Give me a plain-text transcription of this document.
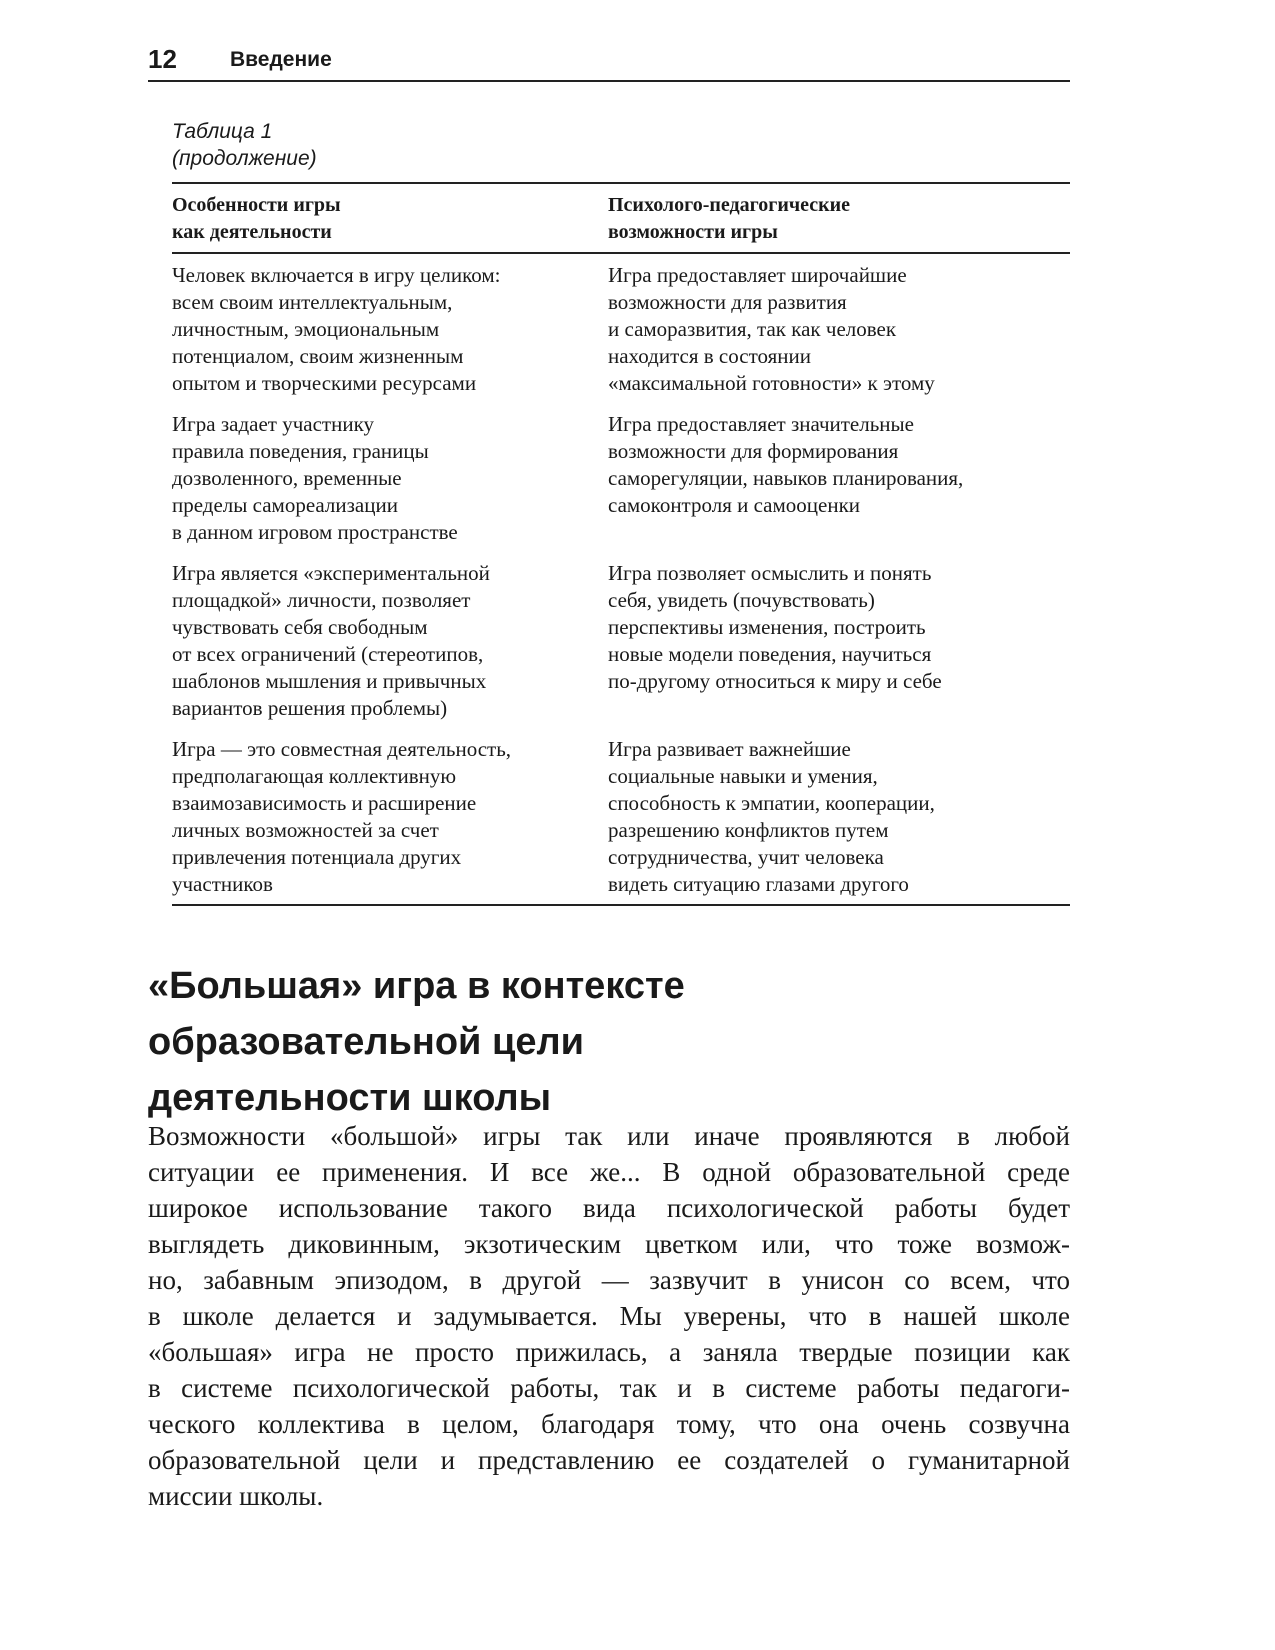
12	Введение
Таблица 1
(продолжение)
Особенности игры
как деятельности
Психолого-педагогические
возможности игры
Человек включается в игру целиком:
всем своим интеллектуальным,
личностным, эмоциональным
потенциалом, своим жизненным
опытом и творческими ресурсами
Игра предоставляет широчайшие
возможности для развития
и саморазвития, так как человек
находится в состоянии
«максимальной готовности» к этому
Игра задает участнику
правила поведения, границы
дозволенного, временные
пределы самореализации
в данном игровом пространстве
Игра предоставляет значительные
возможности для формирования
саморегуляции, навыков планирования,
самоконтроля и самооценки
Игра является «экспериментальной
площадкой» личности, позволяет
чувствовать себя свободным
от всех ограничений (стереотипов,
шаблонов мышления и привычных
вариантов решения проблемы)
Игра позволяет осмыслить и понять
себя, увидеть (почувствовать)
перспективы изменения, построить
новые модели поведения, научиться
по-другому относиться к миру и себе
Игра — это совместная деятельность,
предполагающая коллективную
взаимозависимость и расширение
личных возможностей за счет
привлечения потенциала других
участников
Игра развивает важнейшие
социальные навыки и умения,
способность к эмпатии, кооперации,
разрешению конфликтов путем
сотрудничества, учит человека
видеть ситуацию глазами другого
«Большая» игра в контексте
образовательной цели
деятельности школы
Возможности «большой» игры так или иначе проявляются в любой
ситуации ее применения. И все же... В одной образовательной среде
широкое использование такого вида психологической работы будет
выглядеть диковинным, экзотическим цветком или, что тоже возмож-
но, забавным эпизодом, в другой — зазвучит в унисон со всем, что
в школе делается и задумывается. Мы уверены, что в нашей школе
«большая» игра не просто прижилась, а заняла твердые позиции как
в системе психологической работы, так и в системе работы педагоги-
ческого коллектива в целом, благодаря тому, что она очень созвучна
образовательной цели и представлению ее создателей о гуманитарной
миссии школы.
